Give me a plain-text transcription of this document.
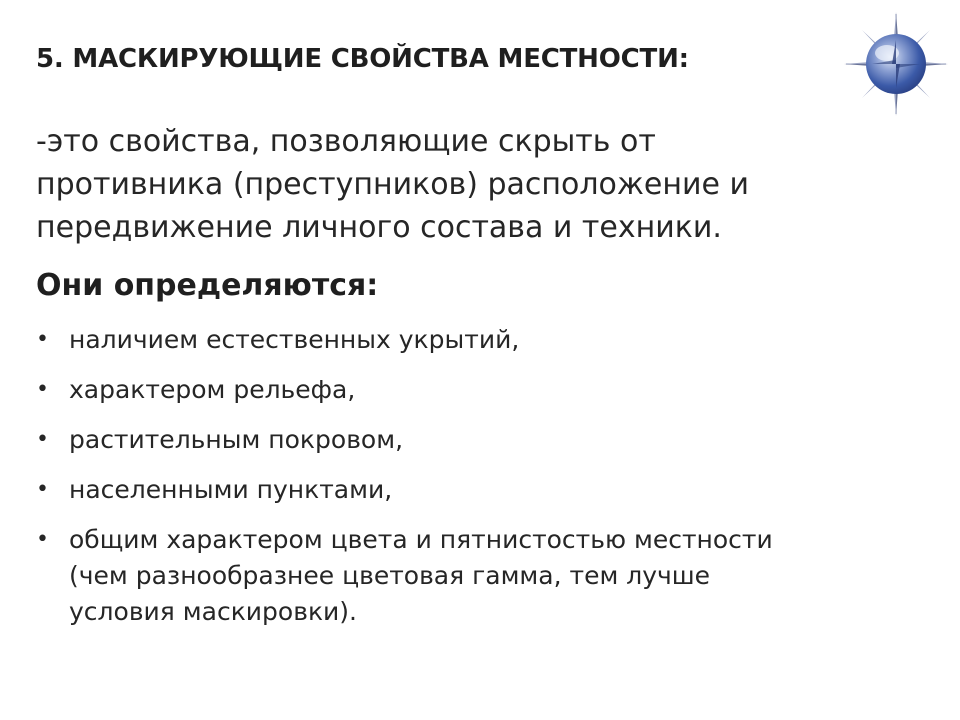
5. МАСКИРУЮЩИЕ СВОЙСТВА МЕСТНОСТИ:
-это свойства, позволяющие скрыть от
противника (преступников) расположение и
передвижение личного состава и техники.
Они определяются:
• наличием естественных укрытий,
• характером рельефа,
• растительным покровом,
• населенными пунктами,
• общим характером цвета и пятнистостью местности
(чем разнообразнее цветовая гамма, тем лучше
условия маскировки).
